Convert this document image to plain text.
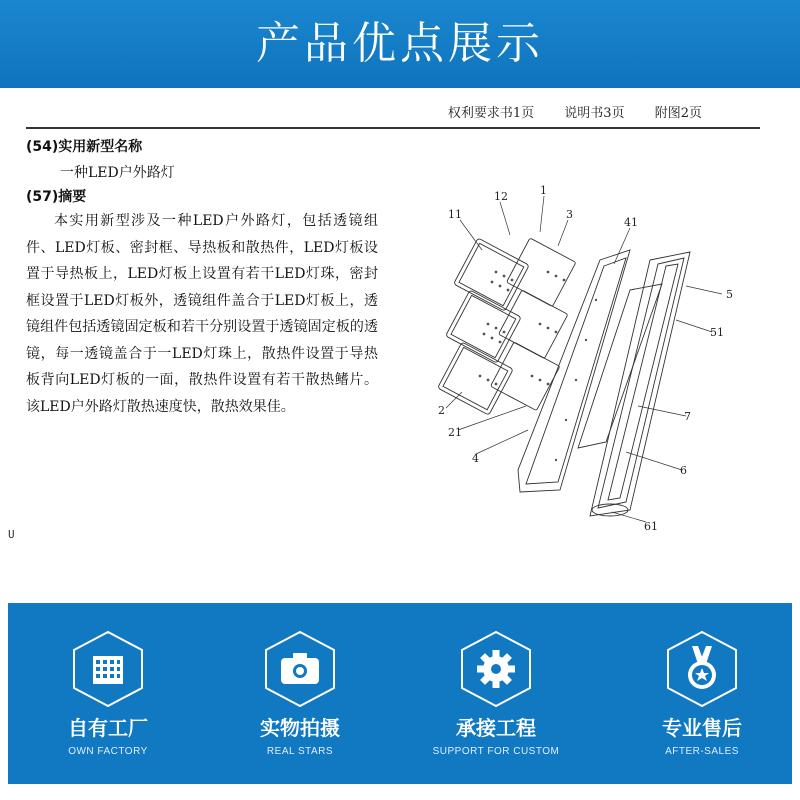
产品优点展示
权利要求书1页 说明书3页 附图2页
(54)实用新型名称
一种LED户外路灯
(57)摘要
本实用新型涉及一种LED户外路灯，包括透镜组件、LED灯板、密封框、导热板和散热件，LED灯板设置于导热板上，LED灯板上设置有若干LED灯珠，密封框设置于LED灯板外，透镜组件盖合于LED灯板上，透镜组件包括透镜固定板和若干分别设置于透镜固定板的透镜，每一透镜盖合于一LED灯珠上，散热件设置于导热板背向LED灯板的一面，散热件设置有若干散热鳍片。该LED户外路灯散热速度快，散热效果佳。
U
12	1
11	3
41
5
51
2	7
21
4
6
61
自有工厂
OWN FACTORY
实物拍摄
REAL STARS
承接工程
SUPPORT FOR CUSTOM
专业售后
AFTER-SALES
